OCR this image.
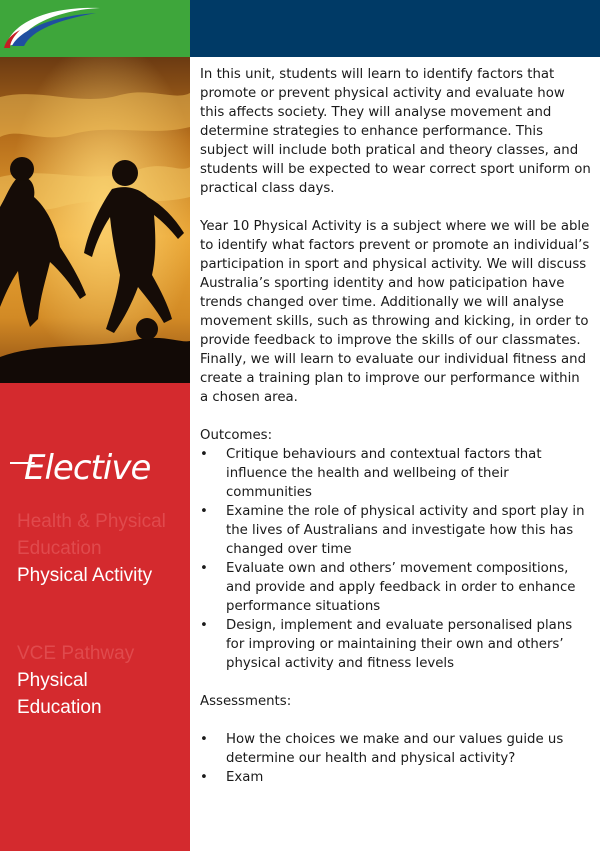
Elective

Health & Physical

Education

Physical Activity

VCE Pathway

Physical

Education

In this unit, students will learn to identify factors that promote or prevent physical activity and evaluate how this affects society. They will analyse movement and determine strategies to enhance performance. This subject will include both pratical and theory classes, and students will be expected to wear correct sport uniform on practical class days.

Year 10 Physical Activity is a subject where we will be able to identify what factors prevent or promote an individual’s participation in sport and physical activity. We will discuss Australia’s sporting identity and how paticipation have trends changed over time. Additionally we will analyse movement skills, such as throwing and kicking, in order to provide feedback to improve the skills of our classmates. Finally, we will learn to evaluate our individual fitness and create a training plan to improve our performance within a chosen area.

Outcomes:
• Critique behaviours and contextual factors that influence the health and wellbeing of their communities
• Examine the role of physical activity and sport play in the lives of Australians and investigate how this has changed over time
• Evaluate own and others’ movement compositions, and provide and apply feedback in order to enhance performance situations
• Design, implement and evaluate personalised plans for improving or maintaining their own and others’ physical activity and fitness levels
Assessments:
• How the choices we make and our values guide us determine our health and physical activity?
• Exam
